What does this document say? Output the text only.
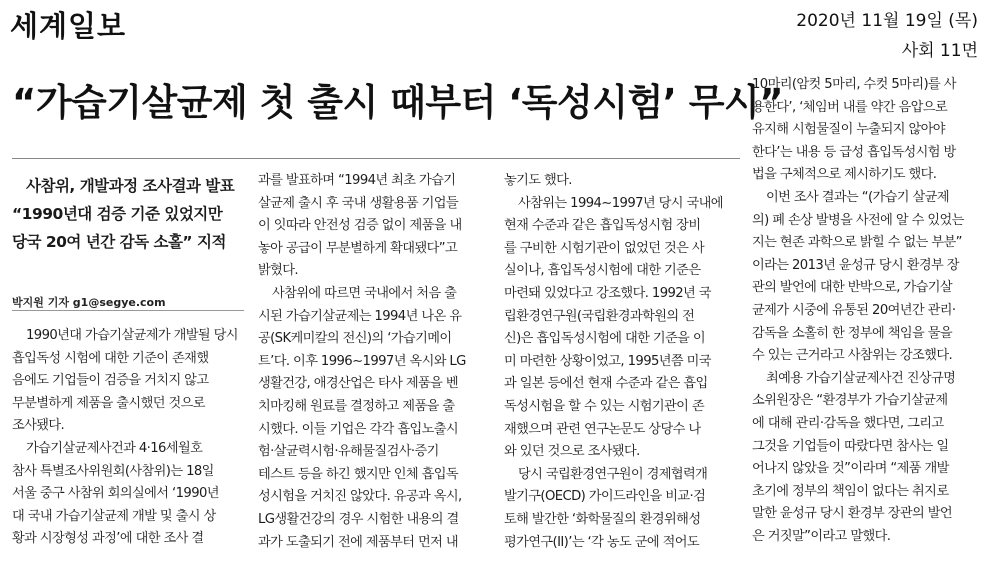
세계일보	2020년 11월 19일 (목)
사회 11면
“가습기살균제 첫 출시 때부터 ‘독성시험’ 무시”
사참위, 개발과정 조사결과 발표
“1990년대 검증 기준 있었지만
당국 20여 년간 감독 소홀” 지적
박지원 기자 g1@segye.com

1990년대 가습기살균제가 개발될 당시

흡입독성 시험에 대한 기준이 존재했

음에도 기업들이 검증을 거치지 않고

무분별하게 제품을 출시했던 것으로

조사됐다.

가습기살균제사건과 4·16세월호

참사 특별조사위원회(사참위)는 18일

서울 중구 사참위 회의실에서 ‘1990년

대 국내 가습기살균제 개발 및 출시 상

황과 시장형성 과정’에 대한 조사 결

과를 발표하며 “1994년 최초 가습기

살균제 출시 후 국내 생활용품 기업들

이 잇따라 안전성 검증 없이 제품을 내

놓아 공급이 무분별하게 확대됐다”고

밝혔다.

사참위에 따르면 국내에서 처음 출

시된 가습기살균제는 1994년 나온 유

공(SK케미칼의 전신)의 ‘가습기메이

트’다. 이후 1996∼1997년 옥시와 LG

생활건강, 애경산업은 타사 제품을 벤

치마킹해 원료를 결정하고 제품을 출

시했다. 이들 기업은 각각 흡입노출시

험·살균력시험·유해물질검사·증기

테스트 등을 하긴 했지만 인체 흡입독

성시험을 거치진 않았다. 유공과 옥시,

LG생활건강의 경우 시험한 내용의 결

과가 도출되기 전에 제품부터 먼저 내

놓기도 했다.

사참위는 1994∼1997년 당시 국내에

현재 수준과 같은 흡입독성시험 장비

를 구비한 시험기관이 없었던 것은 사

실이나, 흡입독성시험에 대한 기준은

마련돼 있었다고 강조했다. 1992년 국

립환경연구원(국립환경과학원의 전

신)은 흡입독성시험에 대한 기준을 이

미 마련한 상황이었고, 1995년쯤 미국

과 일본 등에선 현재 수준과 같은 흡입

독성시험을 할 수 있는 시험기관이 존

재했으며 관련 연구논문도 상당수 나

와 있던 것으로 조사됐다.

당시 국립환경연구원이 경제협력개

발기구(OECD) 가이드라인을 비교·검

토해 발간한 ‘화학물질의 환경위해성

평가연구(II)’는 ‘각 농도 군에 적어도

10마리(암컷 5마리, 수컷 5마리)를 사

용한다’, ‘체임버 내를 약간 음압으로

유지해 시험물질이 누출되지 않아야

한다’는 내용 등 급성 흡입독성시험 방

법을 구체적으로 제시하기도 했다.

이번 조사 결과는 “(가습기 살균제

의) 폐 손상 발병을 사전에 알 수 있었는

지는 현존 과학으로 밝힐 수 없는 부분”

이라는 2013년 윤성규 당시 환경부 장

관의 발언에 대한 반박으로, 가습기살

균제가 시중에 유통된 20여년간 관리·

감독을 소홀히 한 정부에 책임을 물을

수 있는 근거라고 사참위는 강조했다.

최예용 가습기살균제사건 진상규명

소위원장은 “환경부가 가습기살균제

에 대해 관리·감독을 했다면, 그리고

그것을 기업들이 따랐다면 참사는 일

어나지 않았을 것”이라며 “제품 개발

초기에 정부의 책임이 없다는 취지로

말한 윤성규 당시 환경부 장관의 발언

은 거짓말”이라고 말했다.
